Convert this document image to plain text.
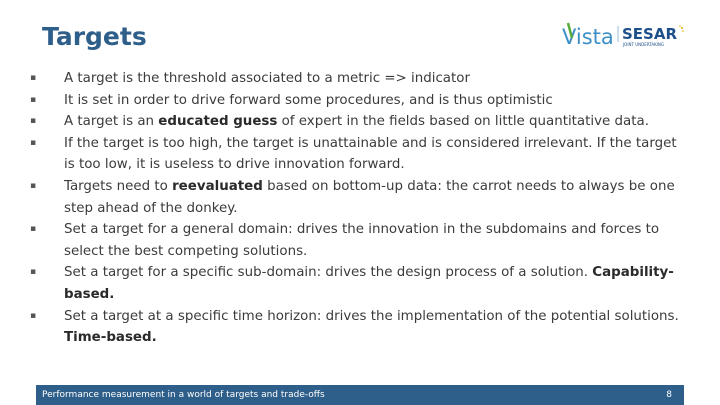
Targets	Vista SESAR
JOINT UNDERTAKING
▪ A target is the threshold associated to a metric => indicator
▪ It is set in order to drive forward some procedures, and is thus optimistic
▪ A target is an educated guess of expert in the fields based on little quantitative data.
▪ If the target is too high, the target is unattainable and is considered irrelevant. If the target is too low, it is useless to drive innovation forward.
▪ Targets need to reevaluated based on bottom-up data: the carrot needs to always be one step ahead of the donkey.
▪ Set a target for a general domain: drives the innovation in the subdomains and forces to select the best competing solutions.
▪ Set a target for a specific sub-domain: drives the design process of a solution. Capability-based.
▪ Set a target at a specific time horizon: drives the implementation of the potential solutions. Time-based.
Performance measurement in a world of targets and trade-offs	8
